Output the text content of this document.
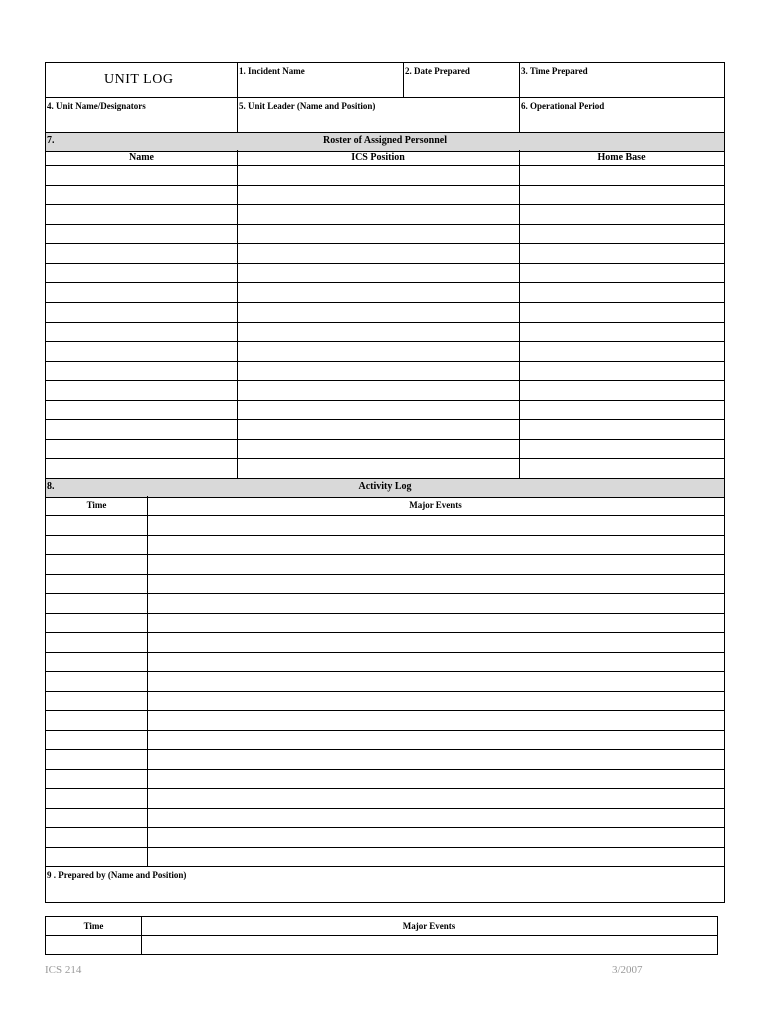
UNIT LOG
1. Incident Name	2. Date Prepared	3. Time Prepared
4. Unit Name/Designators	5. Unit Leader (Name and Position)	6. Operational Period
7.	Roster of Assigned Personnel
Name	ICS Position	Home Base
8.	Activity Log
Time	Major Events
9 . Prepared by (Name and Position)
Time	Major Events
ICS 214	3/2007
